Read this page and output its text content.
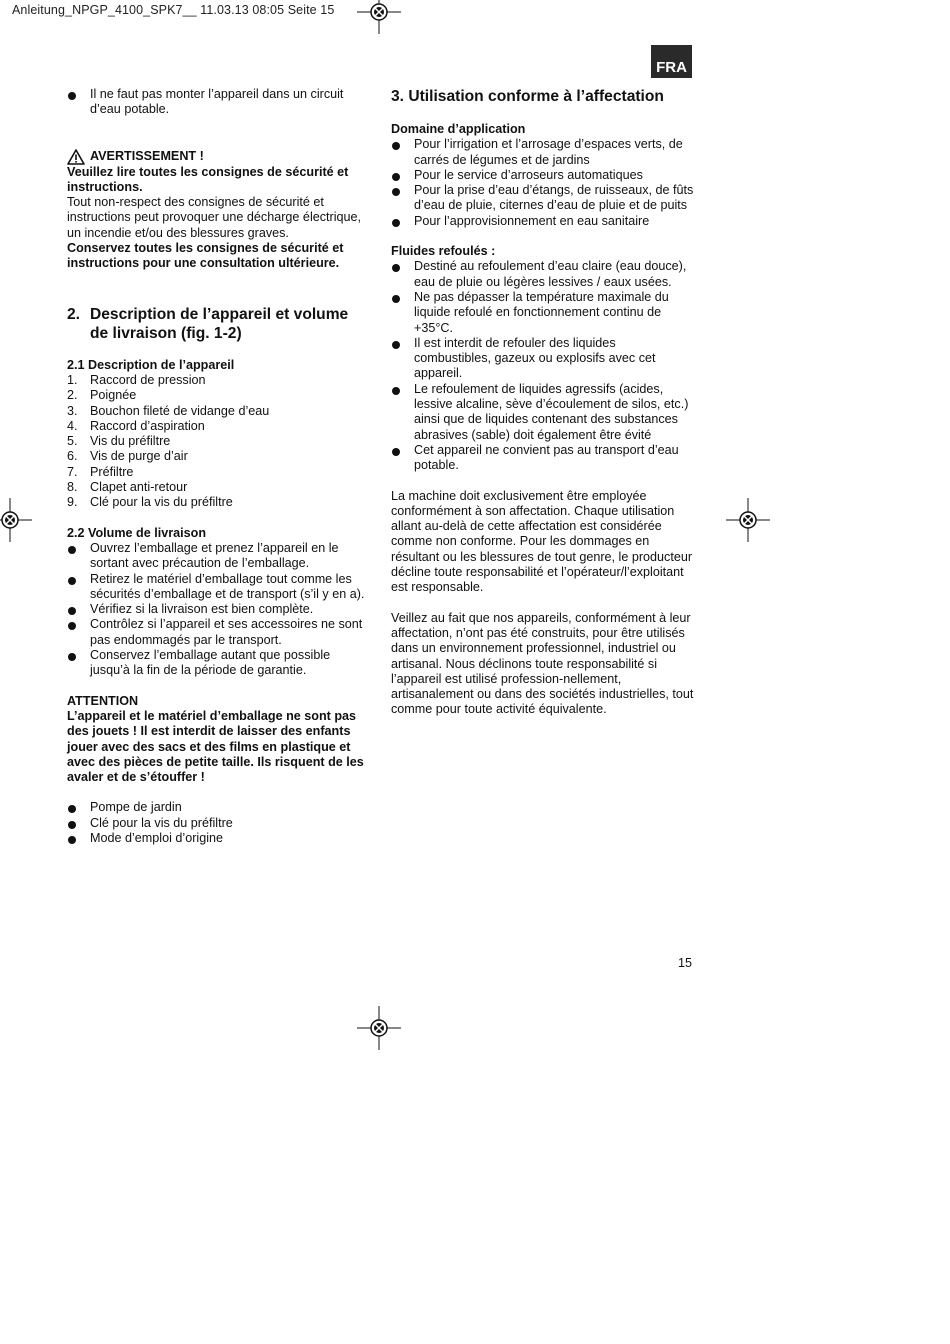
Anleitung_NPGP_4100_SPK7__ 11.03.13 08:05 Seite 15
FRA
Il ne faut pas monter l’appareil dans un circuit d’eau potable.
AVERTISSEMENT !

Veuillez lire toutes les consignes de sécurité et instructions.

Tout non-respect des consignes de sécurité et instructions peut provoquer une décharge électrique, un incendie et/ou des blessures graves.

Conservez toutes les consignes de sécurité et instructions pour une consultation ultérieure.

2. Description de l’appareil et volume de livraison (fig. 1-2)

2.1 Description de l’appareil

1. Raccord de pression
2. Poignée
3. Bouchon fileté de vidange d’eau
4. Raccord d’aspiration
5. Vis du préfiltre
6. Vis de purge d’air
7. Préfiltre
8. Clapet anti-retour
9. Clé pour la vis du préfiltre

2.2 Volume de livraison

Ouvrez l’emballage et prenez l’appareil en le sortant avec précaution de l’emballage.
Retirez le matériel d’emballage tout comme les sécurités d’emballage et de transport (s’il y en a).
Vérifiez si la livraison est bien complète.
Contrôlez si l’appareil et ses accessoires ne sont pas endommagés par le transport.
Conservez l’emballage autant que possible jusqu’à la fin de la période de garantie.

ATTENTION

L’appareil et le matériel d’emballage ne sont pas des jouets ! Il est interdit de laisser des enfants jouer avec des sacs et des films en plastique et avec des pièces de petite taille. Ils risquent de les avaler et de s’étouffer !

Pompe de jardin
Clé pour la vis du préfiltre
Mode d’emploi d’origine
3. Utilisation conforme à l’affectation

Domaine d’application

Pour l’irrigation et l’arrosage d’espaces verts, de carrés de légumes et de jardins
Pour le service d’arroseurs automatiques
Pour la prise d’eau d’étangs, de ruisseaux, de fûts d’eau de pluie, citernes d’eau de pluie et de puits
Pour l’approvisionnement en eau sanitaire

Fluides refoulés :

Destiné au refoulement d’eau claire (eau douce), eau de pluie ou légères lessives / eaux usées.
Ne pas dépasser la température maximale du liquide refoulé en fonctionnement continu de +35°C.
Il est interdit de refouler des liquides combustibles, gazeux ou explosifs avec cet appareil.
Le refoulement de liquides agressifs (acides, lessive alcaline, sève d’écoulement de silos, etc.) ainsi que de liquides contenant des substances abrasives (sable) doit également être évité
Cet appareil ne convient pas au transport d’eau potable.

La machine doit exclusivement être employée conformément à son affectation. Chaque utilisation allant au-delà de cette affectation est considérée comme non conforme. Pour les dommages en résultant ou les blessures de tout genre, le producteur décline toute responsabilité et l’opérateur/l’exploitant est responsable.

Veillez au fait que nos appareils, conformément à leur affectation, n’ont pas été construits, pour être utilisés dans un environnement professionnel, industriel ou artisanal. Nous déclinons toute responsabilité si l’appareil est utilisé profession-nellement, artisanalement ou dans des sociétés industrielles, tout comme pour toute activité équivalente.

15
